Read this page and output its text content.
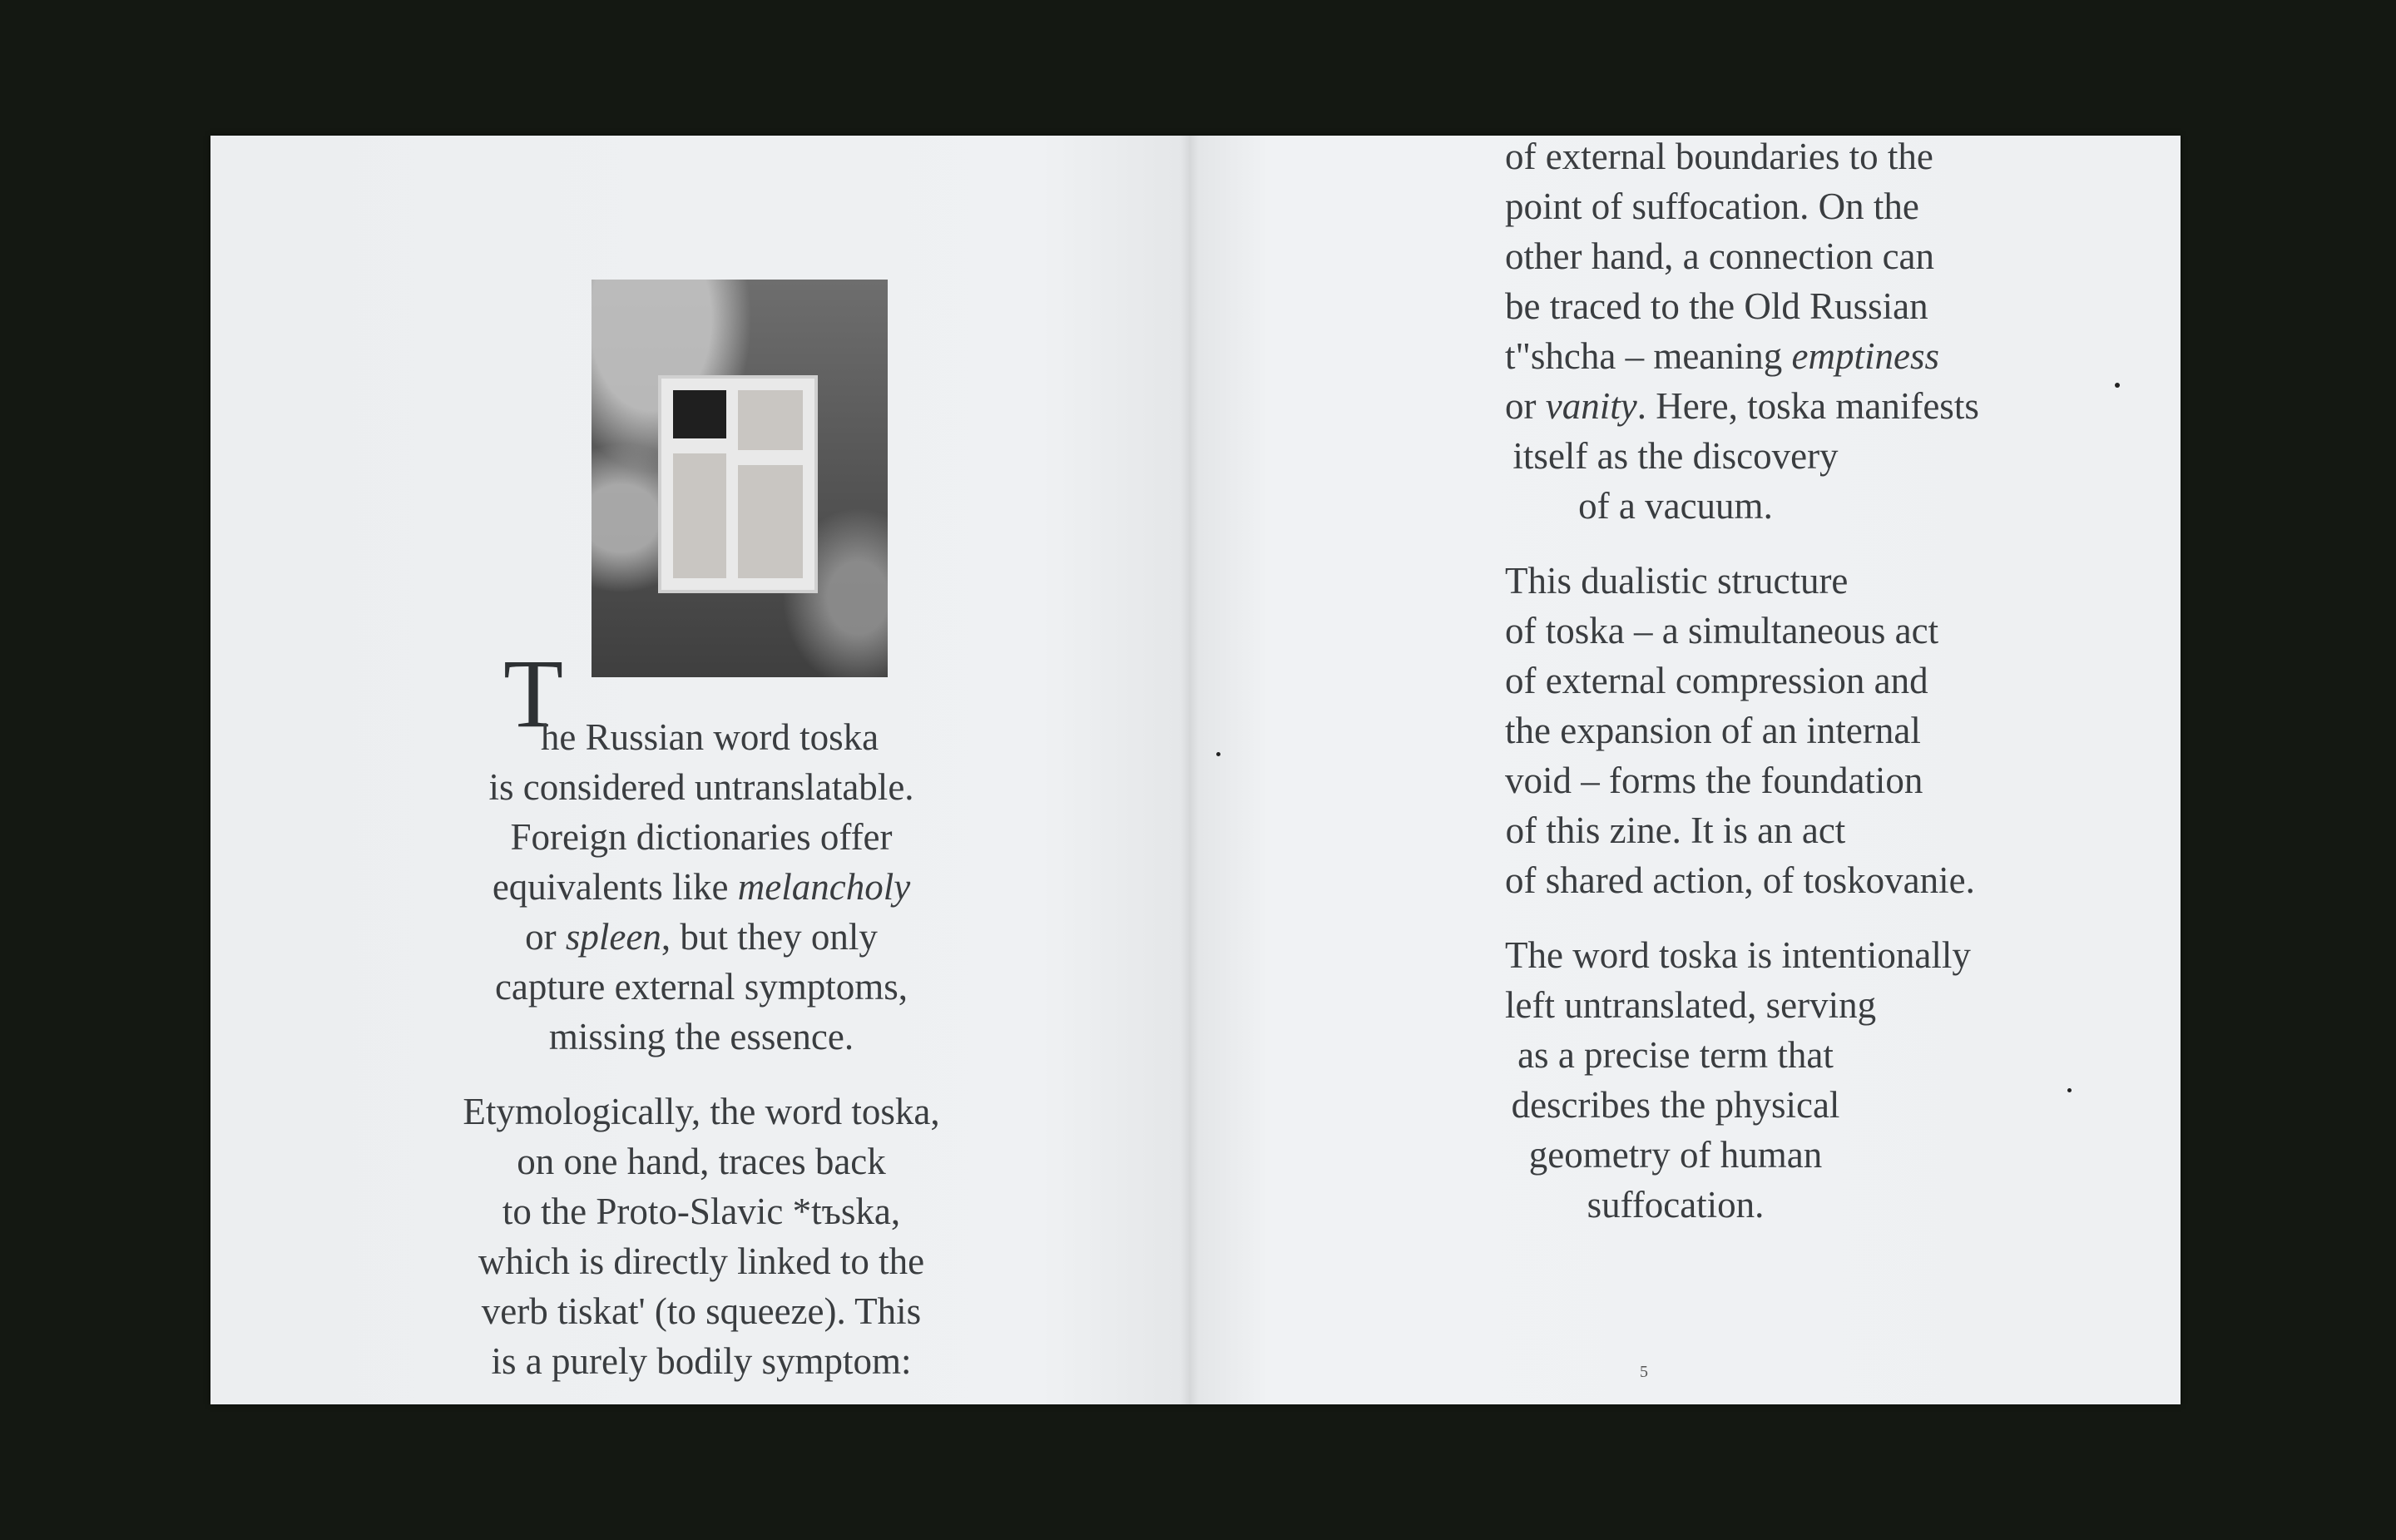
T
he Russian word toska
is considered untranslatable.
Foreign dictionaries offer
equivalents like melancholy
or spleen, but they only
capture external symptoms,
missing the essence.
Etymologically, the word toska,
on one hand, traces back
to the Proto-Slavic *tъska,
which is directly linked to the
verb tiskat' (to squeeze). This
is a purely bodily symptom:
of external boundaries to the
point of suffocation. On the
other hand, a connection can
be traced to the Old Russian
t"shcha – meaning emptiness
or vanity. Here, toska manifests
itself as the discovery
of a vacuum.
This dualistic structure
of toska – a simultaneous act
of external compression and
the expansion of an internal
void – forms the foundation
of this zine. It is an act
of shared action, of toskovanie.
The word toska is intentionally
left untranslated, serving
as a precise term that
describes the physical
geometry of human
suffocation.
5
